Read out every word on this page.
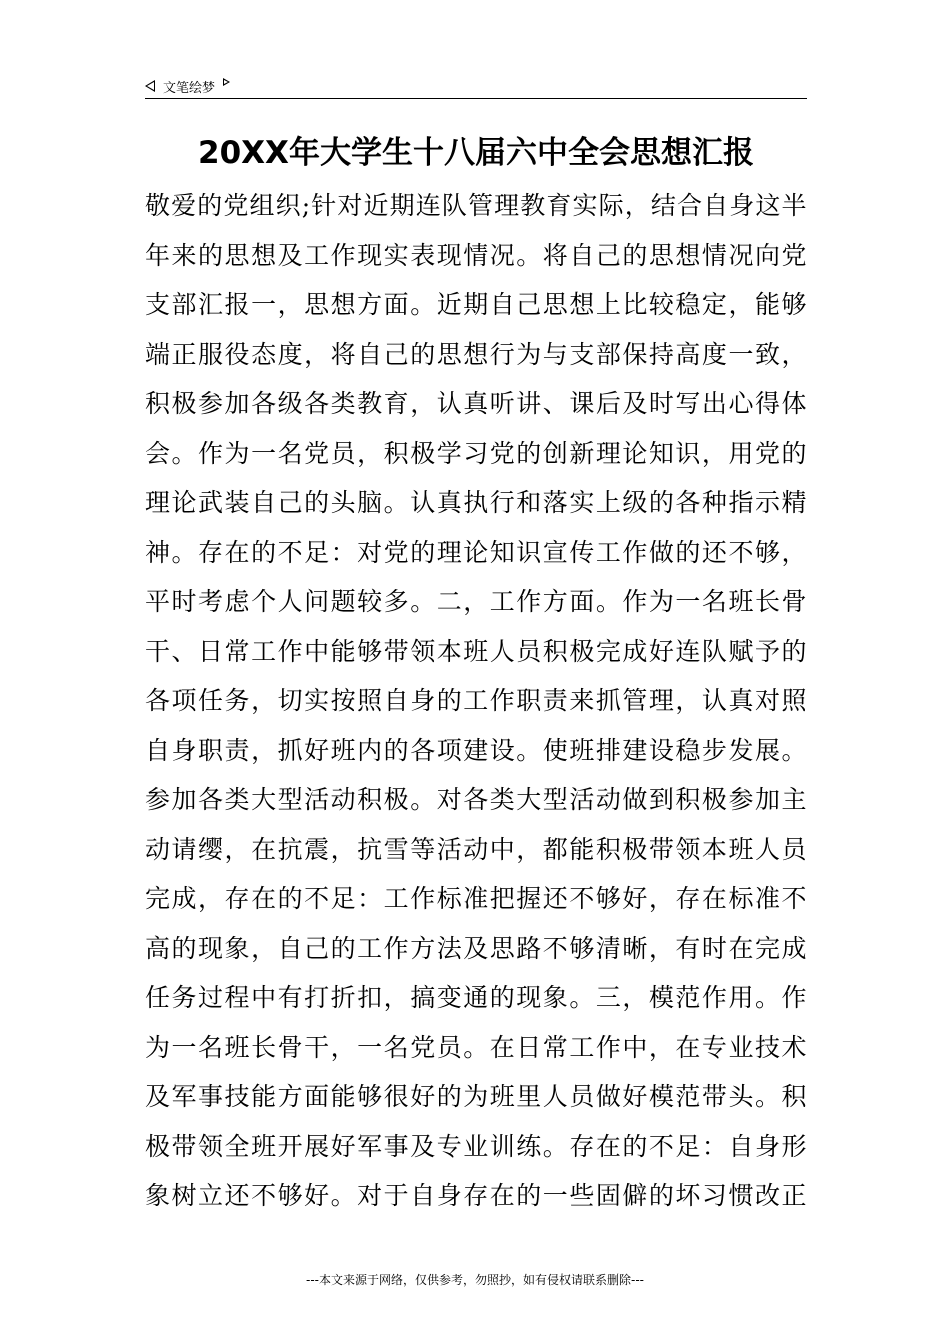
文笔绘梦
20XX年大学生十八届六中全会思想汇报
敬爱的党组织;针对近期连队管理教育实际，结合自身这半
年来的思想及工作现实表现情况。将自己的思想情况向党
支部汇报一，思想方面。近期自己思想上比较稳定，能够
端正服役态度，将自己的思想行为与支部保持高度一致，
积极参加各级各类教育，认真听讲、课后及时写出心得体
会。作为一名党员，积极学习党的创新理论知识，用党的
理论武装自己的头脑。认真执行和落实上级的各种指示精
神。存在的不足：对党的理论知识宣传工作做的还不够，
平时考虑个人问题较多。二，工作方面。作为一名班长骨
干、日常工作中能够带领本班人员积极完成好连队赋予的
各项任务，切实按照自身的工作职责来抓管理，认真对照
自身职责，抓好班内的各项建设。使班排建设稳步发展。
参加各类大型活动积极。对各类大型活动做到积极参加主
动请缨，在抗震，抗雪等活动中，都能积极带领本班人员
完成，存在的不足：工作标准把握还不够好，存在标准不
高的现象，自己的工作方法及思路不够清晰，有时在完成
任务过程中有打折扣，搞变通的现象。三，模范作用。作
为一名班长骨干，一名党员。在日常工作中，在专业技术
及军事技能方面能够很好的为班里人员做好模范带头。积
极带领全班开展好军事及专业训练。存在的不足：自身形
象树立还不够好。对于自身存在的一些固僻的坏习惯改正
---本文来源于网络，仅供参考，勿照抄，如有侵权请联系删除---
